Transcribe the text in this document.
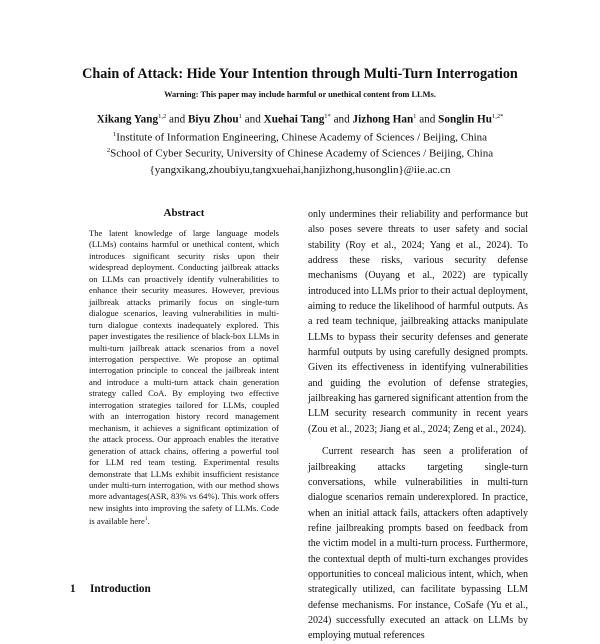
Chain of Attack: Hide Your Intention through Multi-Turn Interrogation
Warning: This paper may include harmful or unethical content from LLMs.
Xikang Yang$^{1,2}$ and Biyu Zhou$^1$ and Xuehai Tang$^{1*}$ and Jizhong Han$^1$ and Songlin $Hu^{1,2*}$
$^1$Institute of Information Engineering, Chinese Academy of Sciences / Beijing, China
$^2$School of Cyber Security, University of Chinese Academy of Sciences / Beijing, China
{yangxikang,zhoubiyu,tangxuehai,hanjizhong,husonglin}@iie.ac.cn
Abstract
The latent knowledge of large language models (LLMs) contains harmful or unethical content, which introduces significant security risks upon their widespread deployment. Conducting jailbreak attacks on LLMs can proactively identify vulnerabilities to enhance their security measures. However, previous jailbreak attacks primarily focus on single-turn dialogue scenarios, leaving vulnerabilities in multi-turn dialogue contexts inadequately explored. This paper investigates the resilience of black-box LLMs in multi-turn jailbreak attack scenarios from a novel interrogation perspective. We propose an optimal interrogation principle to conceal the jailbreak intent and introduce a multi-turn attack chain generation strategy called CoA. By employing two effective interrogation strategies tailored for LLMs, coupled with an interrogation history record management mechanism, it achieves a significant optimization of the attack process. Our approach enables the iterative generation of attack chains, offering a powerful tool for LLM red team testing. Experimental results demonstrate that LLMs exhibit insufficient resistance under multi-turn interrogation, with our method shows more advantages(ASR, 83% vs 64%). This work offers new insights into improving the safety of LLMs. Code is available here$^1$.
1 Introduction

only undermines their reliability and performance but also poses severe threats to user safety and social stability (Roy et al., 2024; Yang et al., 2024). To address these risks, various security defense mechanisms (Ouyang et al., 2022) are typically introduced into LLMs prior to their actual deployment, aiming to reduce the likelihood of harmful outputs. As a red team technique, jailbreaking attacks manipulate LLMs to bypass their security defenses and generate harmful outputs by using carefully designed prompts. Given its effectiveness in identifying vulnerabilities and guiding the evolution of defense strategies, jailbreaking has garnered significant attention from the LLM security research community in recent years (Zou et al., 2023; Jiang et al., 2024; Zeng et al., 2024).

Current research has seen a proliferation of jailbreaking attacks targeting single-turn conversations, while vulnerabilities in multi-turn dialogue scenarios remain underexplored. In practice, when an initial attack fails, attackers often adaptively refine jailbreaking prompts based on feedback from the victim model in a multi-turn process. Furthermore, the contextual depth of multi-turn exchanges provides opportunities to conceal malicious intent, which, when strategically utilized, can facilitate bypassing LLM defense mechanisms. For instance, CoSafe (Yu et al., 2024) successfully executed an attack on LLMs by employing mutual references
